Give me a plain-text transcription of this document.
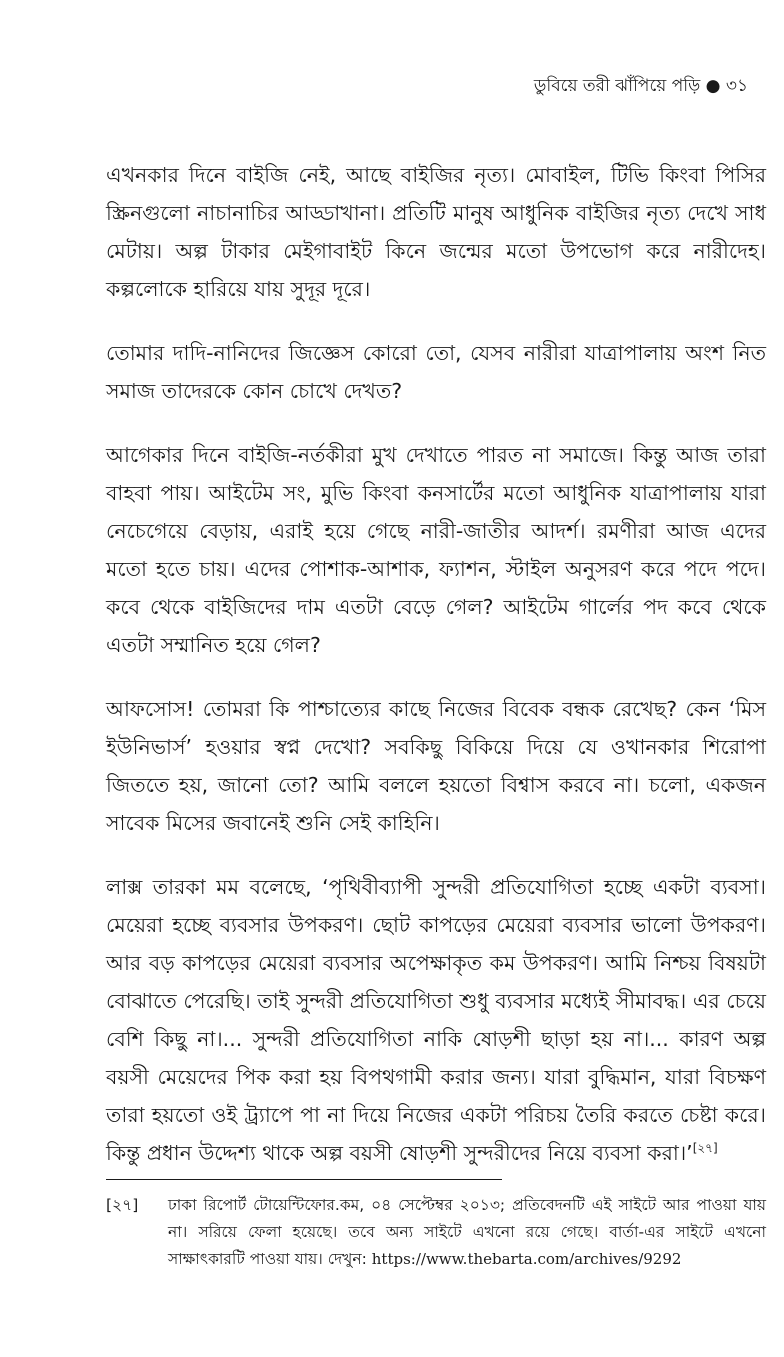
ডুবিয়ে তরী ঝাঁপিয়ে পড়ি ● ৩১

এখনকার দিনে বাইজি নেই, আছে বাইজির নৃত্য। মোবাইল, টিভি কিংবা পিসির স্ক্রিনগুলো নাচানাচির আড্ডাখানা। প্রতিটি মানুষ আধুনিক বাইজির নৃত্য দেখে সাধ মেটায়। অল্প টাকার মেইগাবাইট কিনে জন্মের মতো উপভোগ করে নারীদেহ। কল্পলোকে হারিয়ে যায় সুদূর দূরে।

তোমার দাদি-নানিদের জিজ্ঞেস কোরো তো, যেসব নারীরা যাত্রাপালায় অংশ নিত সমাজ তাদেরকে কোন চোখে দেখত?

আগেকার দিনে বাইজি-নর্তকীরা মুখ দেখাতে পারত না সমাজে। কিন্তু আজ তারা বাহবা পায়। আইটেম সং, মুভি কিংবা কনসার্টের মতো আধুনিক যাত্রাপালায় যারা নেচেগেয়ে বেড়ায়, এরাই হয়ে গেছে নারী-জাতীর আদর্শ। রমণীরা আজ এদের মতো হতে চায়। এদের পোশাক-আশাক, ফ্যাশন, স্টাইল অনুসরণ করে পদে পদে। কবে থেকে বাইজিদের দাম এতটা বেড়ে গেল? আইটেম গার্লের পদ কবে থেকে এতটা সম্মানিত হয়ে গেল?

আফসোস! তোমরা কি পাশ্চাত্যের কাছে নিজের বিবেক বন্ধক রেখেছ? কেন ‘মিস ইউনিভার্স’ হওয়ার স্বপ্ন দেখো? সবকিছু বিকিয়ে দিয়ে যে ওখানকার শিরোপা জিততে হয়, জানো তো? আমি বললে হয়তো বিশ্বাস করবে না। চলো, একজন সাবেক মিসের জবানেই শুনি সেই কাহিনি।

লাক্স তারকা মম বলেছে, ‘পৃথিবীব্যাপী সুন্দরী প্রতিযোগিতা হচ্ছে একটা ব্যবসা। মেয়েরা হচ্ছে ব্যবসার উপকরণ। ছোট কাপড়ের মেয়েরা ব্যবসার ভালো উপকরণ। আর বড় কাপড়ের মেয়েরা ব্যবসার অপেক্ষাকৃত কম উপকরণ। আমি নিশ্চয় বিষয়টা বোঝাতে পেরেছি। তাই সুন্দরী প্রতিযোগিতা শুধু ব্যবসার মধ্যেই সীমাবদ্ধ। এর চেয়ে বেশি কিছু না।... সুন্দরী প্রতিযোগিতা নাকি ষোড়শী ছাড়া হয় না।... কারণ অল্প বয়সী মেয়েদের পিক করা হয় বিপথগামী করার জন্য। যারা বুদ্ধিমান, যারা বিচক্ষণ তারা হয়তো ওই ট্র্যাপে পা না দিয়ে নিজের একটা পরিচয় তৈরি করতে চেষ্টা করে। কিন্তু প্রধান উদ্দেশ্য থাকে অল্প বয়সী ষোড়শী সুন্দরীদের নিয়ে ব্যবসা করা।’[২৭]

[২৭] ঢাকা রিপোর্ট টোয়েন্টিফোর.কম, ০৪ সেপ্টেম্বর ২০১৩; প্রতিবেদনটি এই সাইটে আর পাওয়া যায় না। সরিয়ে ফেলা হয়েছে। তবে অন্য সাইটে এখনো রয়ে গেছে। বার্তা-এর সাইটে এখনো সাক্ষাৎকারটি পাওয়া যায়। দেখুন: https://www.thebarta.com/archives/9292
